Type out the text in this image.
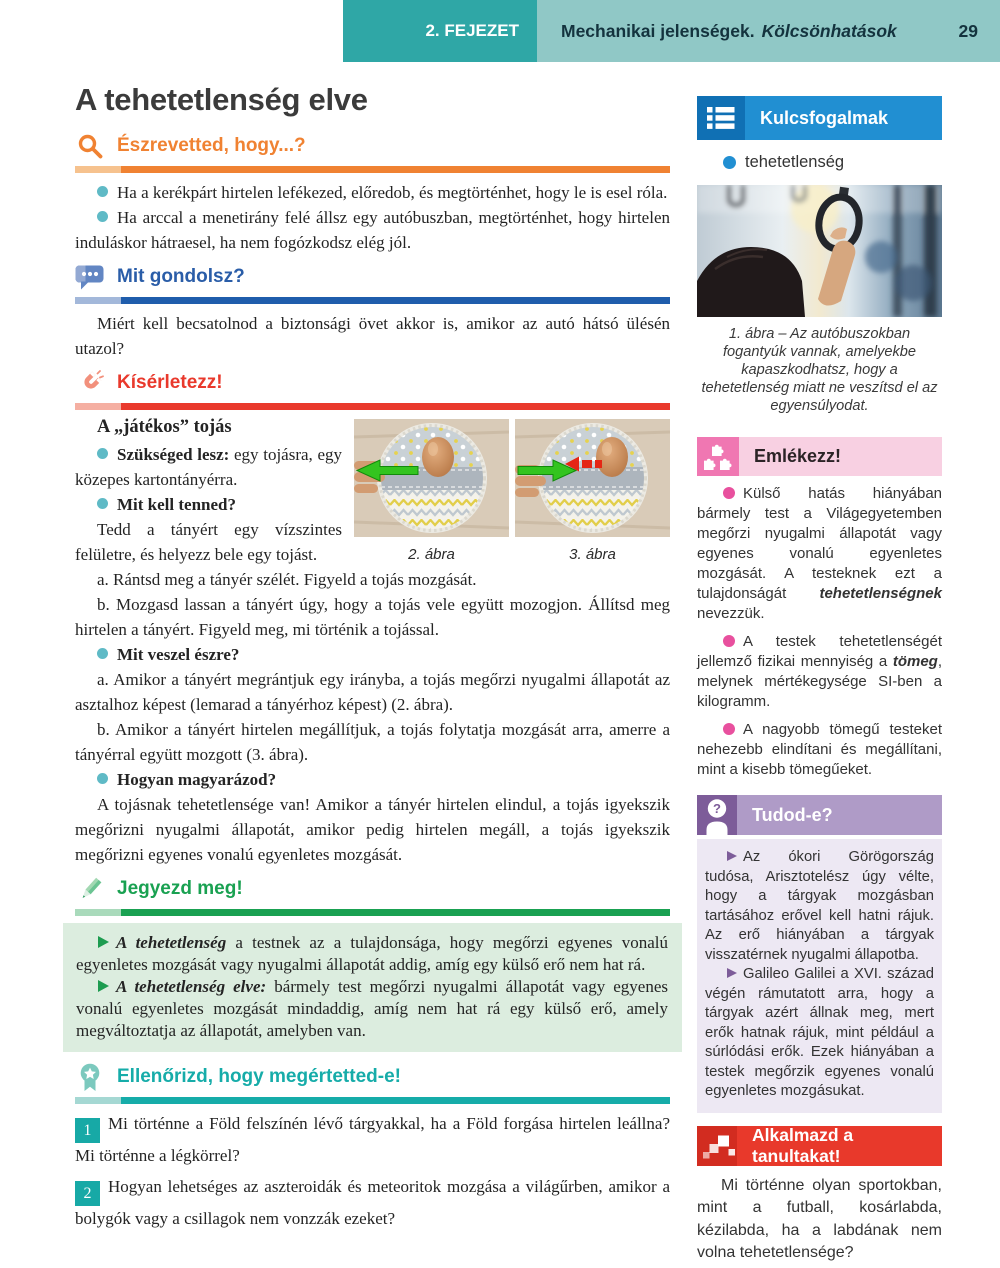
2. FEJEZET Mechanikai jelenségek. Kölcsönhatások	29
A tehetetlenség elve
Észrevetted, hogy...?

Ha a kerékpárt hirtelen lefékezed, előredob, és megtörténhet, hogy le is esel róla.

Ha arccal a menetirány felé állsz egy autóbuszban, megtörténhet, hogy hirtelen induláskor hátraesel, ha nem fogózkodsz elég jól.

Mit gondolsz?

Miért kell becsatolnod a biztonsági övet akkor is, amikor az autó hátsó ülésén utazol?

Kísérletezz!
2. ábra	3. ábra
A „játékos” tojás

Szükséged lesz: egy tojásra, egy közepes kartontányérra.

Mit kell tenned?

Tedd a tányért egy vízszintes felületre, és helyezz bele egy tojást.

a. Rántsd meg a tányér szélét. Figyeld a tojás mozgását.

b. Mozgasd lassan a tányért úgy, hogy a tojás vele együtt mozogjon. Állítsd meg hirtelen a tányért. Figyeld meg, mi történik a tojással.

Mit veszel észre?

a. Amikor a tányért megrántjuk egy irányba, a tojás megőrzi nyugalmi állapotát az asztalhoz képest (lemarad a tányérhoz képest) (2. ábra).

b. Amikor a tányért hirtelen megállítjuk, a tojás folytatja mozgását arra, amerre a tányérral együtt mozgott (3. ábra).

Hogyan magyarázod?

A tojásnak tehetetlensége van! Amikor a tányér hirtelen elindul, a tojás igyekszik megőrizni nyugalmi állapotát, amikor pedig hirtelen megáll, a tojás igyekszik megőrizni egyenes vonalú egyenletes mozgását.

Jegyezd meg!

A tehetetlenség a testnek az a tulajdonsága, hogy megőrzi egyenes vonalú egyenletes mozgását vagy nyugalmi állapotát addig, amíg egy külső erő nem hat rá.

A tehetetlenség elve: bármely test megőrzi nyugalmi állapotát vagy egyenes vonalú egyenletes mozgását mindaddig, amíg nem hat rá egy külső erő, amely megváltoztatja az állapotát, amelyben van.

Ellenőrizd, hogy megértetted-e!

1 Mi történne a Föld felszínén lévő tárgyakkal, ha a Föld forgása hirtelen leállna? Mi történne a légkörrel?

2 Hogyan lehetséges az aszteroidák és meteoritok mozgása a világűrben, amikor a bolygók vagy a csillagok nem vonzzák ezeket?

Kulcsfogalmak
tehetetlenség
1. ábra – Az autóbuszokban fogantyúk vannak, amelyekbe kapaszkodhatsz, hogy a tehetetlenség miatt ne veszítsd el az egyensúlyodat.
Emlékezz!

Külső hatás hiányában bármely test a Világegyetemben megőrzi nyugalmi állapotát vagy egyenes vonalú egyenletes mozgását. A testeknek ezt a tulajdonságát tehetetlenségnek nevezzük.

A testek tehetetlenségét jellemző fizikai mennyiség a tömeg, melynek mértékegysége SI-ben a kilogramm.

A nagyobb tömegű testeket nehezebb elindítani és megállítani, mint a kisebb tömegűeket.

?	Tudod-e?

Az ókori Görögország tudósa, Arisztotelész úgy vélte, hogy a tárgyak mozgásban tartásához erővel kell hatni rájuk. Az erő hiányában a tárgyak visszatérnek nyugalmi állapotba.

Galileo Galilei a XVI. század végén rámutatott arra, hogy a tárgyak azért állnak meg, mert erők hatnak rájuk, mint például a súrlódási erők. Ezek hiányában a testek megőrzik egyenes vonalú egyenletes mozgásukat.

Alkalmazd a tanultakat!

Mi történne olyan sportokban, mint a futball, kosárlabda, kézilabda, ha a labdának nem volna tehetetlensége?
